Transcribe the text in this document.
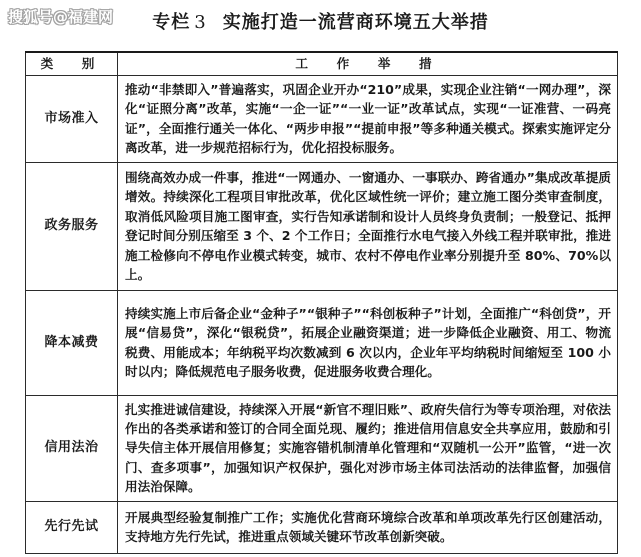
搜狐号@福建网	专栏 3 实施打造一流营商环境五大举措
类　别	工　作　举　措
市场准入	推动“非禁即入”普遍落实，巩固企业开办“210”成果，实现企业注销“一网办理”，深化“证照分离”改革，实施“一企一证”“一业一证”改革试点，实现“一证准营、一码亮证”，全面推行通关一体化、“两步申报”“提前申报”等多种通关模式。探索实施评定分离改革，进一步规范招标行为，优化招投标服务。
政务服务	围绕高效办成一件事，推进“一网通办、一窗通办、一事联办、跨省通办”集成改革提质增效。持续深化工程项目审批改革，优化区域性统一评价；建立施工图分类审查制度，取消低风险项目施工图审查，实行告知承诺制和设计人员终身负责制；一般登记、抵押登记时间分别压缩至 3 个、2 个工作日；全面推行水电气接入外线工程并联审批，推进施工检修向不停电作业模式转变，城市、农村不停电作业率分别提升至 80%、70%以上。
降本减费	持续实施上市后备企业“金种子”“银种子”“科创板种子”计划，全面推广“科创贷”，开展“信易贷”，深化“银税贷”，拓展企业融资渠道；进一步降低企业融资、用工、物流税费、用能成本；年纳税平均次数减到 6 次以内，企业年平均纳税时间缩短至 100 小时以内；降低规范电子服务收费，促进服务收费合理化。
信用法治	扎实推进诚信建设，持续深入开展“新官不理旧账”、政府失信行为等专项治理，对依法作出的各类承诺和签订的合同全面兑现、履约；推进信用信息安全共享应用，鼓励和引导失信主体开展信用修复；实施容错机制清单化管理和“双随机一公开”监管，“进一次门、查多项事”，加强知识产权保护，强化对涉市场主体司法活动的法律监督，加强信用法治保障。
先行先试	开展典型经验复制推广工作；实施优化营商环境综合改革和单项改革先行区创建活动，支持地方先行先试，推进重点领域关键环节改革创新突破。
